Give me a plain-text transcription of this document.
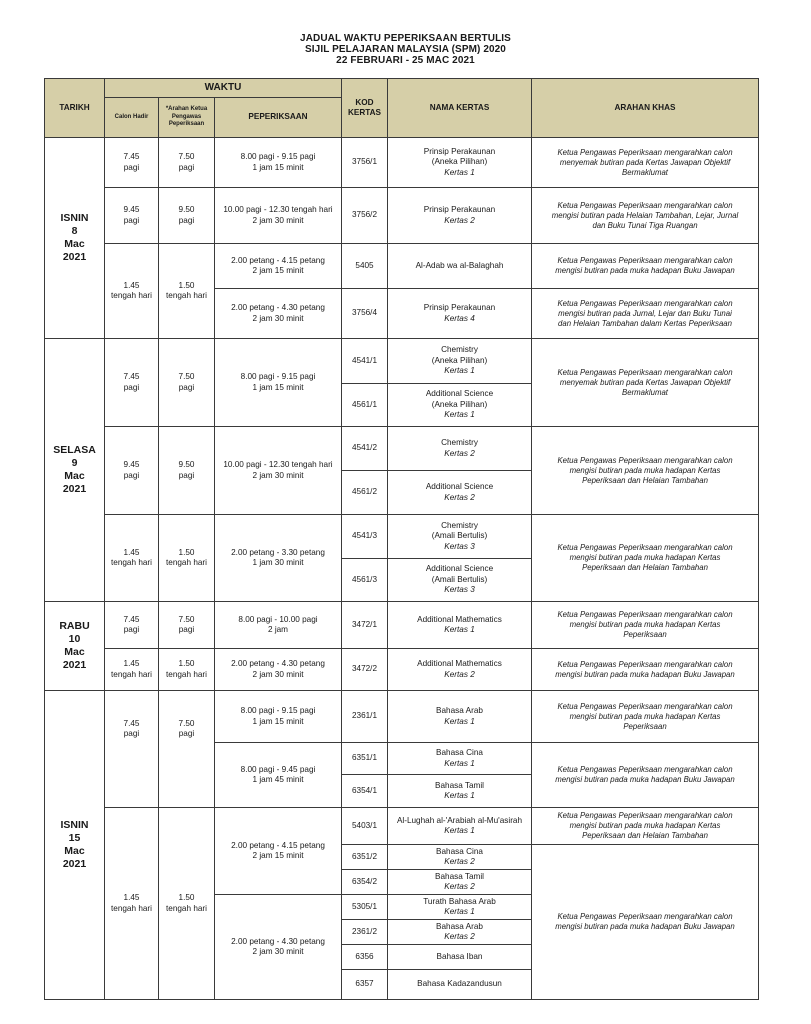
JADUAL WAKTU PEPERIKSAAN BERTULIS
SIJIL PELAJARAN MALAYSIA (SPM) 2020
22 FEBRUARI - 25 MAC 2021
TARIKH	WAKTU			KOD KERTAS	NAMA KERTAS	ARAHAN KHAS
	Calon Hadir	*Arahan Ketua Pengawas Peperiksaan	PEPERIKSAAN			

ISNIN
8
Mac
2021	7.45
pagi	7.50
pagi	8.00 pagi - 9.15 pagi
1 jam 15 minit	3756/1	Prinsip Perakaunan
(Aneka Pilihan)
Kertas 1	Ketua Pengawas Peperiksaan mengarahkan calon
menyemak butiran pada Kertas Jawapan Objektif
Bermaklumat

	9.45
pagi	9.50
pagi	10.00 pagi - 12.30 tengah hari
2 jam 30 minit	3756/2	Prinsip Perakaunan
Kertas 2	Ketua Pengawas Peperiksaan mengarahkan calon
mengisi butiran pada Helaian Tambahan, Lejar, Jurnal
dan Buku Tunai Tiga Ruangan

	1.45
tengah hari	1.50
tengah hari	2.00 petang - 4.15 petang
2 jam 15 minit	5405	Al-Adab wa al-Balaghah	Ketua Pengawas Peperiksaan mengarahkan calon
mengisi butiran pada muka hadapan Buku Jawapan

			2.00 petang - 4.30 petang
2 jam 30 minit	3756/4	Prinsip Perakaunan
Kertas 4	Ketua Pengawas Peperiksaan mengarahkan calon
mengisi butiran pada Jurnal, Lejar dan Buku Tunai
dan Helaian Tambahan dalam Kertas Peperiksaan

SELASA
9
Mac
2021	7.45
pagi	7.50
pagi	8.00 pagi - 9.15 pagi
1 jam 15 minit	4541/1	Chemistry
(Aneka Pilihan)
Kertas 1	Ketua Pengawas Peperiksaan mengarahkan calon
menyemak butiran pada Kertas Jawapan Objektif
Bermaklumat

				4561/1	Additional Science
(Aneka Pilihan)
Kertas 1	

	9.45
pagi	9.50
pagi	10.00 pagi - 12.30 tengah hari
2 jam 30 minit	4541/2	Chemistry
Kertas 2	Ketua Pengawas Peperiksaan mengarahkan calon
mengisi butiran pada muka hadapan Kertas
Peperiksaan dan Helaian Tambahan

				4561/2	Additional Science
Kertas 2	

	1.45
tengah hari	1.50
tengah hari	2.00 petang - 3.30 petang
1 jam 30 minit	4541/3	Chemistry
(Amali Bertulis)
Kertas 3	Ketua Pengawas Peperiksaan mengarahkan calon
mengisi butiran pada muka hadapan Kertas
Peperiksaan dan Helaian Tambahan

				4561/3	Additional Science
(Amali Bertulis)
Kertas 3	

RABU
10
Mac
2021	7.45
pagi	7.50
pagi	8.00 pagi - 10.00 pagi
2 jam	3472/1	Additional Mathematics
Kertas 1	Ketua Pengawas Peperiksaan mengarahkan calon
mengisi butiran pada muka hadapan Kertas
Peperiksaan

	1.45
tengah hari	1.50
tengah hari	2.00 petang - 4.30 petang
2 jam 30 minit	3472/2	Additional Mathematics
Kertas 2	Ketua Pengawas Peperiksaan mengarahkan calon
mengisi butiran pada muka hadapan Buku Jawapan

ISNIN
15
Mac
2021	7.45
pagi	7.50
pagi	8.00 pagi - 9.15 pagi
1 jam 15 minit	2361/1	Bahasa Arab
Kertas 1	Ketua Pengawas Peperiksaan mengarahkan calon
mengisi butiran pada muka hadapan Kertas
Peperiksaan

			8.00 pagi - 9.45 pagi
1 jam 45 minit	6351/1	Bahasa Cina
Kertas 1	Ketua Pengawas Peperiksaan mengarahkan calon
mengisi butiran pada muka hadapan Buku Jawapan

				6354/1	Bahasa Tamil
Kertas 1	

	1.45
tengah hari	1.50
tengah hari	2.00 petang - 4.15 petang
2 jam 15 minit	5403/1	Al-Lughah al-'Arabiah al-Mu'asirah
Kertas 1	Ketua Pengawas Peperiksaan mengarahkan calon
mengisi butiran pada muka hadapan Kertas
Peperiksaan dan Helaian Tambahan

				6351/2	Bahasa Cina
Kertas 2	Ketua Pengawas Peperiksaan mengarahkan calon
mengisi butiran pada muka hadapan Buku Jawapan

				6354/2	Bahasa Tamil
Kertas 2	

			2.00 petang - 4.30 petang
2 jam 30 minit	5305/1	Turath Bahasa Arab
Kertas 1	

				2361/2	Bahasa Arab
Kertas 2	

				6356	Bahasa Iban	
				6357	Bahasa Kadazandusun	
